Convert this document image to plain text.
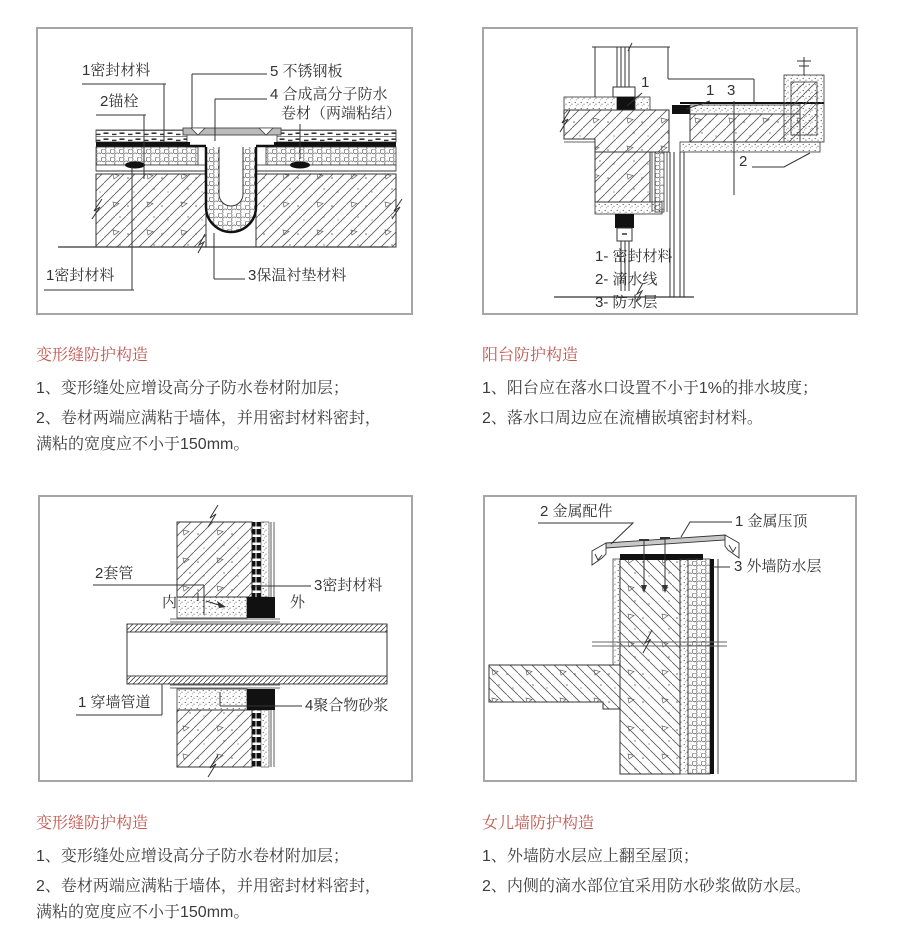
1密封材料
2锚栓
5 不锈钢板
4 合成高分子防水
卷材（两端粘结）
1密封材料	3保温衬垫材料
1	1 3
2
1- 密封材料
2- 滴水线
3- 防水层
2套管
内	外
3密封材料
1 穿墙管道	4聚合物砂浆
2 金属配件
1 金属压顶
3 外墙防水层
变形缝防护构造

1、变形缝处应增设高分子防水卷材附加层；

2、卷材两端应满粘于墙体，并用密封材料密封，
满粘的宽度应不小于150mm。

阳台防护构造

1、阳台应在落水口设置不小于1%的排水坡度；

2、落水口周边应在流槽嵌填密封材料。

变形缝防护构造

1、变形缝处应增设高分子防水卷材附加层；

2、卷材两端应满粘于墙体，并用密封材料密封，
满粘的宽度应不小于150mm。

女儿墙防护构造

1、外墙防水层应上翻至屋顶；

2、内侧的滴水部位宜采用防水砂浆做防水层。
